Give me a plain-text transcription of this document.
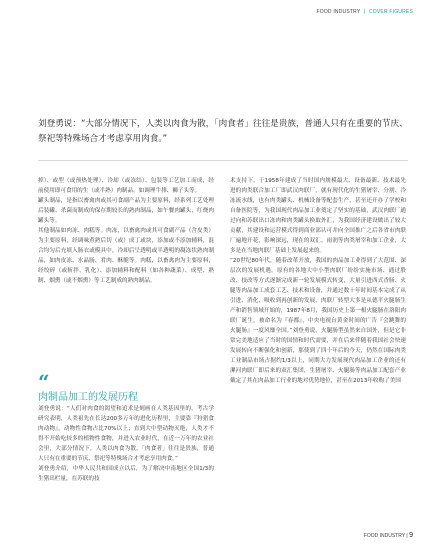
FOOD INDUSTRY | COVER FIGURES
刘登勇说：“大部分情况下，人类以肉食为散，「肉食者」往往是贵族，普通人只有在重要的节庆、祭祀等特殊场合才考虑享用肉食。”

掉）、或型（或预热处理）、冷却（或冻结）、包装等工艺加工而成，经前使用即可食用的生（或半熟）肉制品，如调理牛排、狮子头等。

罐头制品，是指以畜禽肉或其可食副产品为主要原料，经系列工艺处理后装罐、杀菌而制成的保存期较长的熟肉制品，如午餐肉罐头、红烧肉罐头等。

其他制品如肉冻、肉糕等。肉冻，以畜禽肉或其可食副产品（含皮类）为主要原料，经调味煮熟后切（或）成丁或块，添加或不添加辅料，混合均匀后充填入肠衣或模具中，冷却后呈透明或半透明的凝冻状熟肉制品，如肉皮冻、水晶肠、肴肉、酥脆等。肉糕，以畜禽肉为主要原料，经绞碎（或斩拌、乳化）、添加辅料和配料（如各种蔬菜）、成型、熟制、烟熏（或不烟熏）等工艺制成的熟肉制品。

“
肉制品加工的发展历程

刘登勇说：“人们对肉食的渴望和追求是刻画在人类基因里的，考古学研究表明，人类祖先在长达200多万年的进化历程里，主要靠『狩猎食肉动物』，动物性食物占比70%以上；直到大中型动物灭绝，人类才不得不开始吃较多的植物性食物，并进入农业时代，在近一万年的农业社会里，大部分情况下，人类以肉食为散，「肉食者」往往是贵族，普通人只有在重要的节庆、祭祀等特殊场合才考虑享用肉食。”

刘登勇介绍，中华人民共和国成立以后，为了解决中南地区全国1/3的生猪出栏量，在苏联的技

术支持下，于1958年建成了当时国内规模最大、设备最新、技术最先进的肉类联合加工厂即武汉肉联厂，就有现代化的生猪屠宰、分割、冷冻流水线，也有肉类罐头、机械设备等配套生产，甚至还开办了学校和自备医院等，为我国现代肉品加工业奠定了坚实的基础，武汉肉联厂通过向和苏联出口冻肉和肉类罐头换取外汇，为我国经济建设做出了较大贡献，其建设和运营模式得到商业部认可并向全国推广之后各省市肉联厂遍地开花，影响深远，现在的双汇、雨润等肉类屠宰和加工企业，大多是在当地肉联厂基础上发展起来的。

“20世纪80年代，随着改革开放，我国的肉品加工业得到了大范围、深层次的发展机遇。原有的各地大中小型肉联厂纷纷实施市场、通过股改、技改等方式逐渐完成新一轮发展模式转变，大量引进西式香肠、火腿等肉品加工成套工艺、技术和设备，并通过数十年时间基本完成了从引进、消化、吸收到再创新的发展，肉联厂转型大多是从德平火腿肠生产和销售领域开始的，1987年8月，我国历史上第一根火腿肠在洛阳肉联厂诞生，被命名为『春都』，中央电视台黄金时间的广告『会跳舞的火腿肠』一度风靡全国。”刘登勇说，火腿肠型虽然来自国外，但是它非常完美地适应了当时的国情和时代需要，并在后来伴随着我国社会快速发展转向不断强化和创新，那使到了四十年后的今天，仍然在国际肉类工业制品市场占据约1/3以上，同期大力发展现代肉品加工企业的还有漯河肉联厂即后来的双汇集团，生猪屠宰、火腿肠等肉品加工配套产业戴定了其在肉品加工行业的地对优势地位，甚至在2013年收购了美国

FOOD INDUSTRY | 9
